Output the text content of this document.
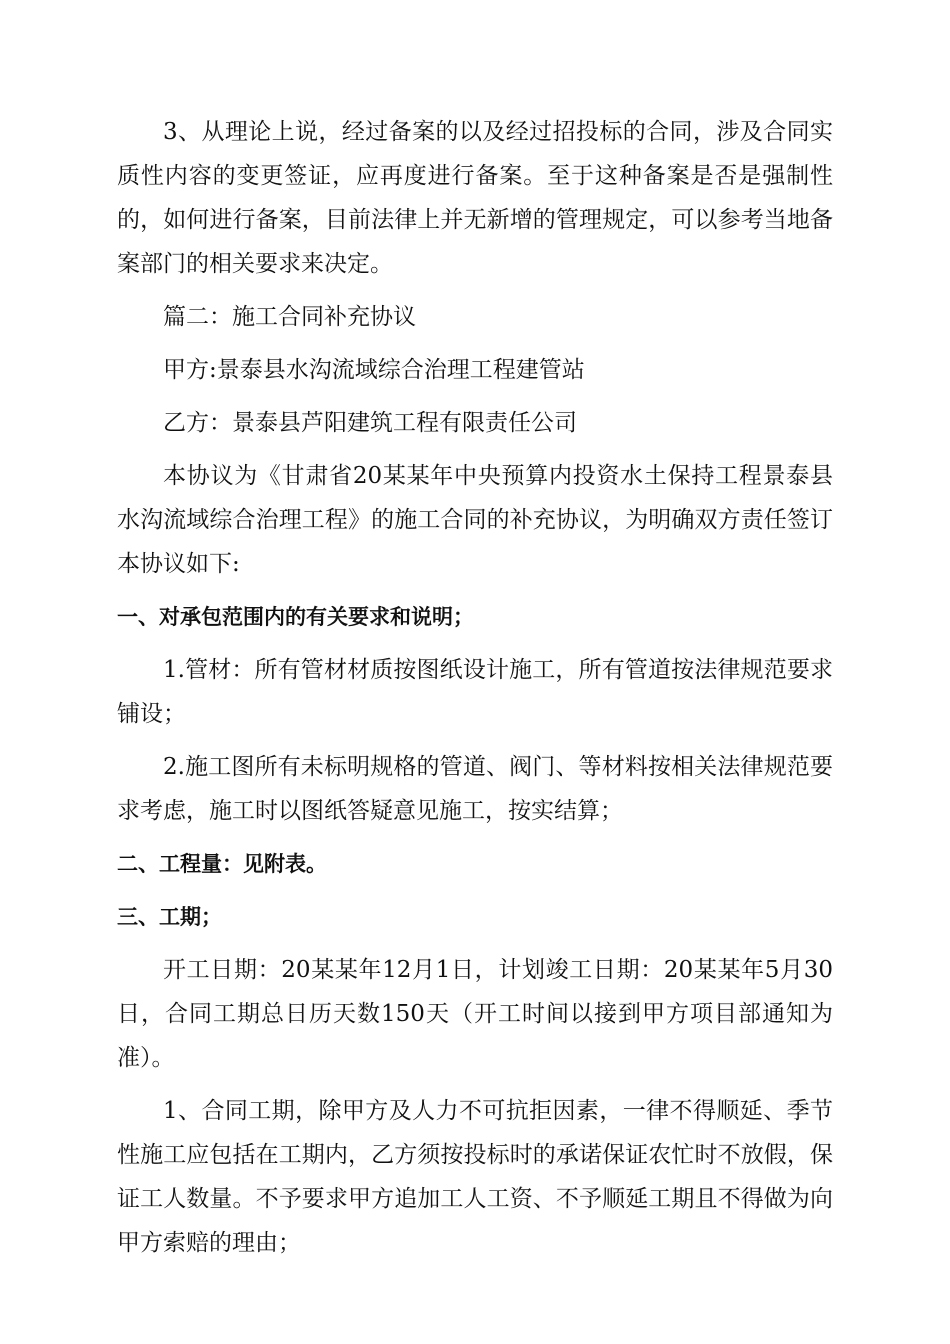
3、从理论上说，经过备案的以及经过招投标的合同，涉及合同实质性内容的变更签证，应再度进行备案。至于这种备案是否是强制性的，如何进行备案，目前法律上并无新增的管理规定，可以参考当地备案部门的相关要求来决定。

篇二：施工合同补充协议

甲方:景泰县水沟流域综合治理工程建管站

乙方：景泰县芦阳建筑工程有限责任公司

本协议为《甘肃省20某某年中央预算内投资水土保持工程景泰县水沟流域综合治理工程》的施工合同的补充协议，为明确双方责任签订本协议如下:

一、对承包范围内的有关要求和说明；

1.管材：所有管材材质按图纸设计施工，所有管道按法律规范要求铺设；

2.施工图所有未标明规格的管道、阀门、等材料按相关法律规范要求考虑，施工时以图纸答疑意见施工，按实结算；

二、工程量：见附表。

三、工期；

开工日期：20某某年12月1日，计划竣工日期：20某某年5月30日，合同工期总日历天数150天（开工时间以接到甲方项目部通知为准）。

1、合同工期，除甲方及人力不可抗拒因素，一律不得顺延、季节性施工应包括在工期内，乙方须按投标时的承诺保证农忙时不放假，保证工人数量。不予要求甲方追加工人工资、不予顺延工期且不得做为向甲方索赔的理由；
